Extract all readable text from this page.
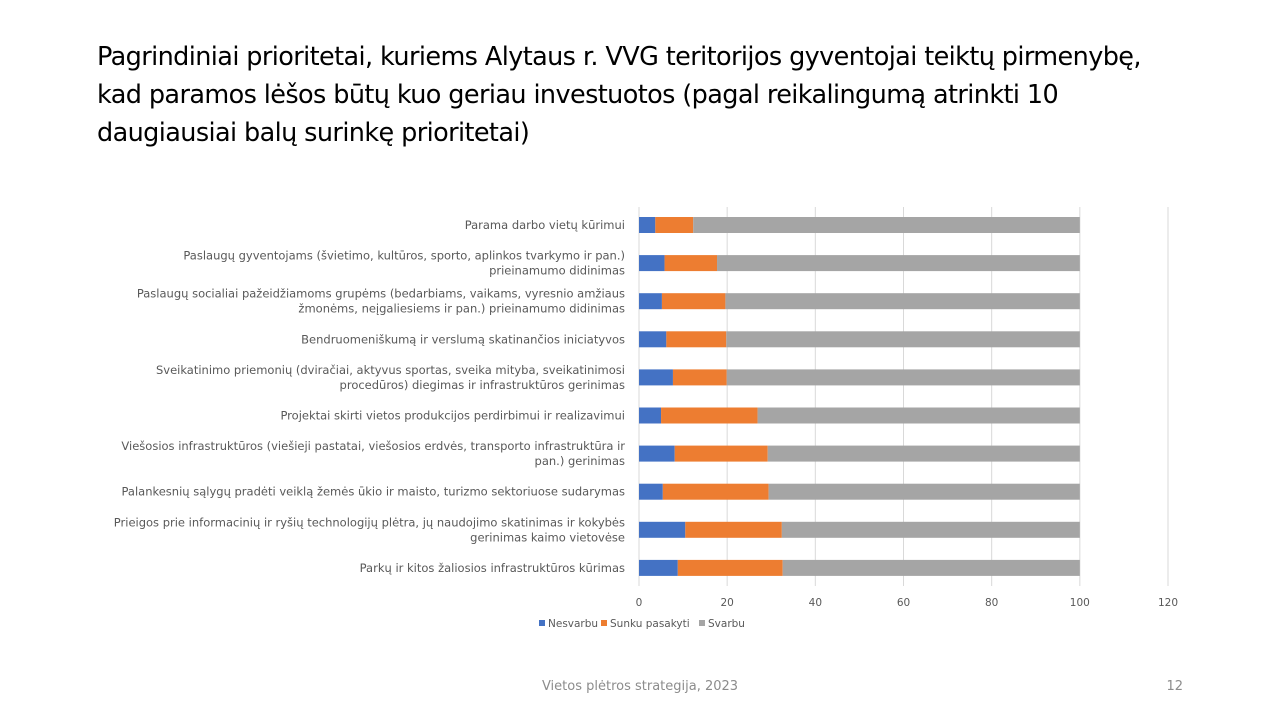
Pagrindiniai prioritetai, kuriems Alytaus r. VVG teritorijos gyventojai teiktų pirmenybę,
kad paramos lėšos būtų kuo geriau investuotos (pagal reikalingumą atrinkti 10
daugiausiai balų surinkę prioritetai)
0	20	40	60	80	100	120
Parama darbo vietų kūrimui
Paslaugų gyventojams (švietimo, kultūros, sporto, aplinkos tvarkymo ir pan.) prieinamumo didinimas
Paslaugų socialiai pažeidžiamoms grupėms (bedarbiams, vaikams, vyresnio amžiaus žmonėms, neįgaliesiems ir pan.) prieinamumo didinimas
Bendruomeniškumą ir verslumą skatinančios iniciatyvos
Sveikatinimo priemonių (dviračiai, aktyvus sportas, sveika mityba, sveikatinimosi procedūros) diegimas ir infrastruktūros gerinimas
Projektai skirti vietos produkcijos perdirbimui ir realizavimui
Viešosios infrastruktūros (viešieji pastatai, viešosios erdvės, transporto infrastruktūra ir pan.) gerinimas
Palankesnių sąlygų pradėti veiklą žemės ūkio ir maisto, turizmo sektoriuose sudarymas
Prieigos prie informacinių ir ryšių technologijų plėtra, jų naudojimo skatinimas ir kokybės gerinimas kaimo vietovėse
Parkų ir kitos žaliosios infrastruktūros kūrimas
Nesvarbu Sunku pasakyti Svarbu
Vietos plėtros strategija, 2023	12
